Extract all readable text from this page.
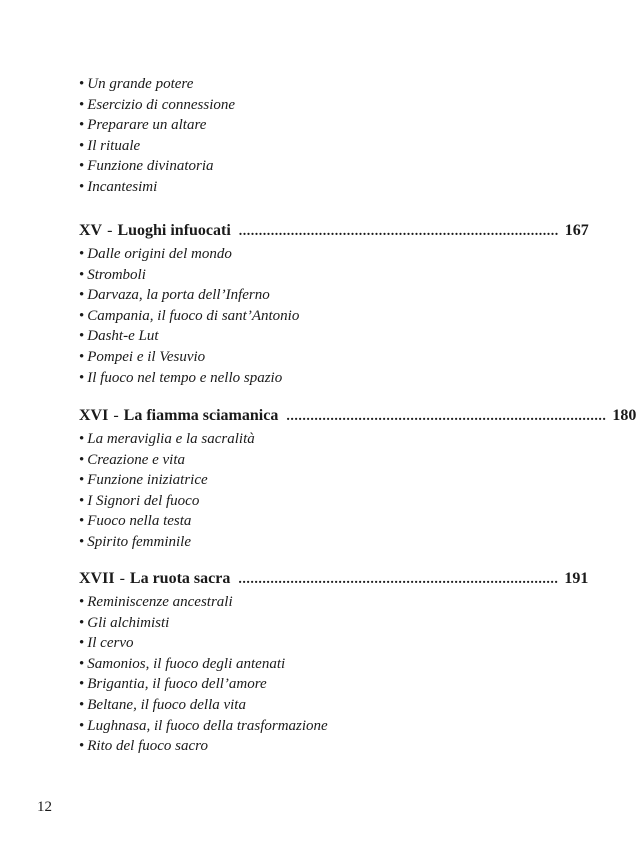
• Un grande potere
• Esercizio di connessione
• Preparare un altare
• Il rituale
• Funzione divinatoria
• Incantesimi
XV - Luoghi infuocati ................................................................................ 167
• Dalle origini del mondo
• Stromboli
• Darvaza, la porta dell’Inferno
• Campania, il fuoco di sant’Antonio
• Dasht-e Lut
• Pompei e il Vesuvio
• Il fuoco nel tempo e nello spazio
XVI - La fiamma sciamanica ................................................................................ 180
• La meraviglia e la sacralità
• Creazione e vita
• Funzione iniziatrice
• I Signori del fuoco
• Fuoco nella testa
• Spirito femminile
XVII - La ruota sacra ................................................................................ 191
• Reminiscenze ancestrali
• Gli alchimisti
• Il cervo
• Samonios, il fuoco degli antenati
• Brigantia, il fuoco dell’amore
• Beltane, il fuoco della vita
• Lughnasa, il fuoco della trasformazione
• Rito del fuoco sacro
12
